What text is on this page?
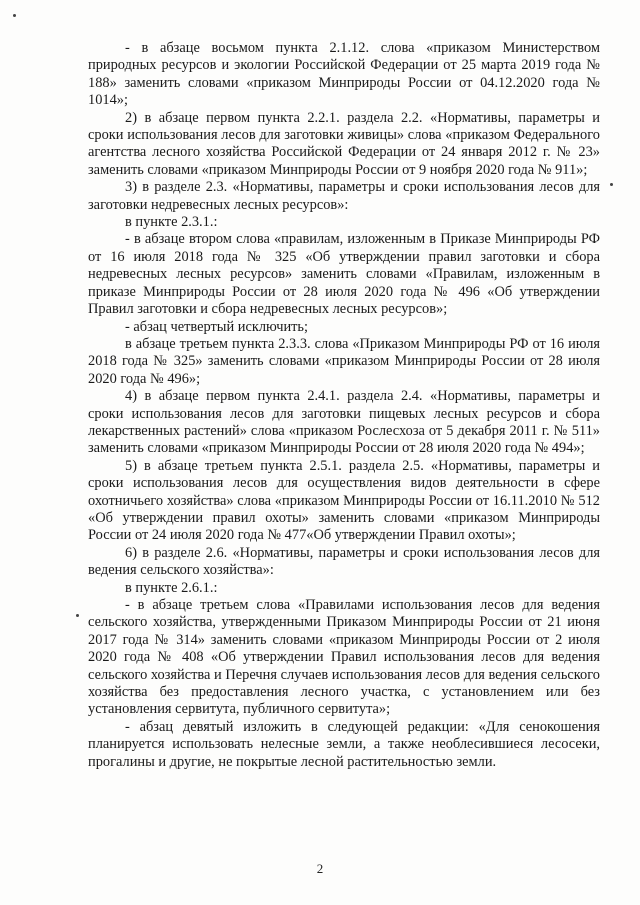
- в абзаце восьмом пункта 2.1.12. слова «приказом Министерством природных ресурсов и экологии Российской Федерации от 25 марта 2019 года № 188» заменить словами «приказом Минприроды России от 04.12.2020 года № 1014»;

2) в абзаце первом пункта 2.2.1. раздела 2.2. «Нормативы, параметры и сроки использования лесов для заготовки живицы» слова «приказом Федерального агентства лесного хозяйства Российской Федерации от 24 января 2012 г. № 23» заменить словами «приказом Минприроды России от 9 ноября 2020 года № 911»;

3) в разделе 2.3. «Нормативы, параметры и сроки использования лесов для заготовки недревесных лесных ресурсов»:

в пункте 2.3.1.:

- в абзаце втором слова «правилам, изложенным в Приказе Минприроды РФ от 16 июля 2018 года № 325 «Об утверждении правил заготовки и сбора недревесных лесных ресурсов» заменить словами «Правилам, изложенным в приказе Минприроды России от 28 июля 2020 года № 496 «Об утверждении Правил заготовки и сбора недревесных лесных ресурсов»;

- абзац четвертый исключить;

в абзаце третьем пункта 2.3.3. слова «Приказом Минприроды РФ от 16 июля 2018 года № 325» заменить словами «приказом Минприроды России от 28 июля 2020 года № 496»;

4) в абзаце первом пункта 2.4.1. раздела 2.4. «Нормативы, параметры и сроки использования лесов для заготовки пищевых лесных ресурсов и сбора лекарственных растений» слова «приказом Рослесхоза от 5 декабря 2011 г. № 511» заменить словами «приказом Минприроды России от 28 июля 2020 года № 494»;

5) в абзаце третьем пункта 2.5.1. раздела 2.5. «Нормативы, параметры и сроки использования лесов для осуществления видов деятельности в сфере охотничьего хозяйства» слова «приказом Минприроды России от 16.11.2010 № 512 «Об утверждении правил охоты» заменить словами «приказом Минприроды России от 24 июля 2020 года № 477«Об утверждении Правил охоты»;

6) в разделе 2.6. «Нормативы, параметры и сроки использования лесов для ведения сельского хозяйства»:

в пункте 2.6.1.:

- в абзаце третьем слова «Правилами использования лесов для ведения сельского хозяйства, утвержденными Приказом Минприроды России от 21 июня 2017 года № 314» заменить словами «приказом Минприроды России от 2 июля 2020 года № 408 «Об утверждении Правил использования лесов для ведения сельского хозяйства и Перечня случаев использования лесов для ведения сельского хозяйства без предоставления лесного участка, с установлением или без установления сервитута, публичного сервитута»;

- абзац девятый изложить в следующей редакции: «Для сенокошения планируется использовать нелесные земли, а также необлесившиеся лесосеки, прогалины и другие, не покрытые лесной растительностью земли.

2
